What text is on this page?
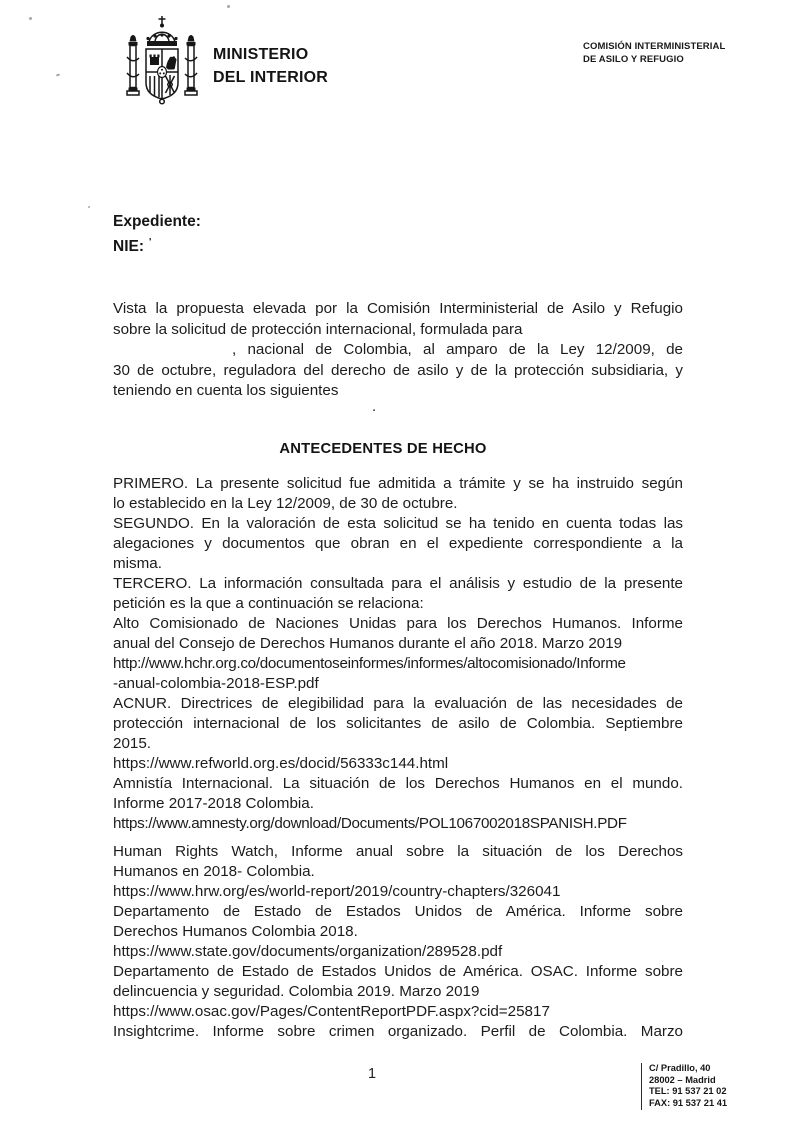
MINISTERIO
DEL INTERIOR
COMISIÓN INTERMINISTERIAL
DE ASILO Y REFUGIO
Expediente:
NIE: '
Vista la propuesta elevada por la Comisión Interministerial de Asilo y Refugio
sobre la solicitud de protección internacional, formulada para
, nacional de Colombia, al amparo de la Ley 12/2009, de
30 de octubre, reguladora del derecho de asilo y de la protección subsidiaria, y
teniendo en cuenta los siguientes
.
ANTECEDENTES DE HECHO
PRIMERO. La presente solicitud fue admitida a trámite y se ha instruido según
lo establecido en la Ley 12/2009, de 30 de octubre.
SEGUNDO. En la valoración de esta solicitud se ha tenido en cuenta todas las
alegaciones y documentos que obran en el expediente correspondiente a la
misma.
TERCERO. La información consultada para el análisis y estudio de la presente
petición es la que a continuación se relaciona:
Alto Comisionado de Naciones Unidas para los Derechos Humanos. Informe
anual del Consejo de Derechos Humanos durante el año 2018. Marzo 2019
http://www.hchr.org.co/documentoseinformes/informes/altocomisionado/Informe
-anual-colombia-2018-ESP.pdf
ACNUR. Directrices de elegibilidad para la evaluación de las necesidades de
protección internacional de los solicitantes de asilo de Colombia. Septiembre
2015.
https://www.refworld.org.es/docid/56333c144.html
Amnistía Internacional. La situación de los Derechos Humanos en el mundo.
Informe 2017-2018 Colombia.
https://www.amnesty.org/download/Documents/POL1067002018SPANISH.PDF
Human Rights Watch, Informe anual sobre la situación de los Derechos
Humanos en 2018- Colombia.
https://www.hrw.org/es/world-report/2019/country-chapters/326041
Departamento de Estado de Estados Unidos de América. Informe sobre
Derechos Humanos Colombia 2018.
https://www.state.gov/documents/organization/289528.pdf
Departamento de Estado de Estados Unidos de América. OSAC. Informe sobre
delincuencia y seguridad. Colombia 2019. Marzo 2019
https://www.osac.gov/Pages/ContentReportPDF.aspx?cid=25817
Insightcrime. Informe sobre crimen organizado. Perfil de Colombia. Marzo
1	C/ Pradillo, 40
28002 – Madrid
TEL: 91 537 21 02
FAX: 91 537 21 41
